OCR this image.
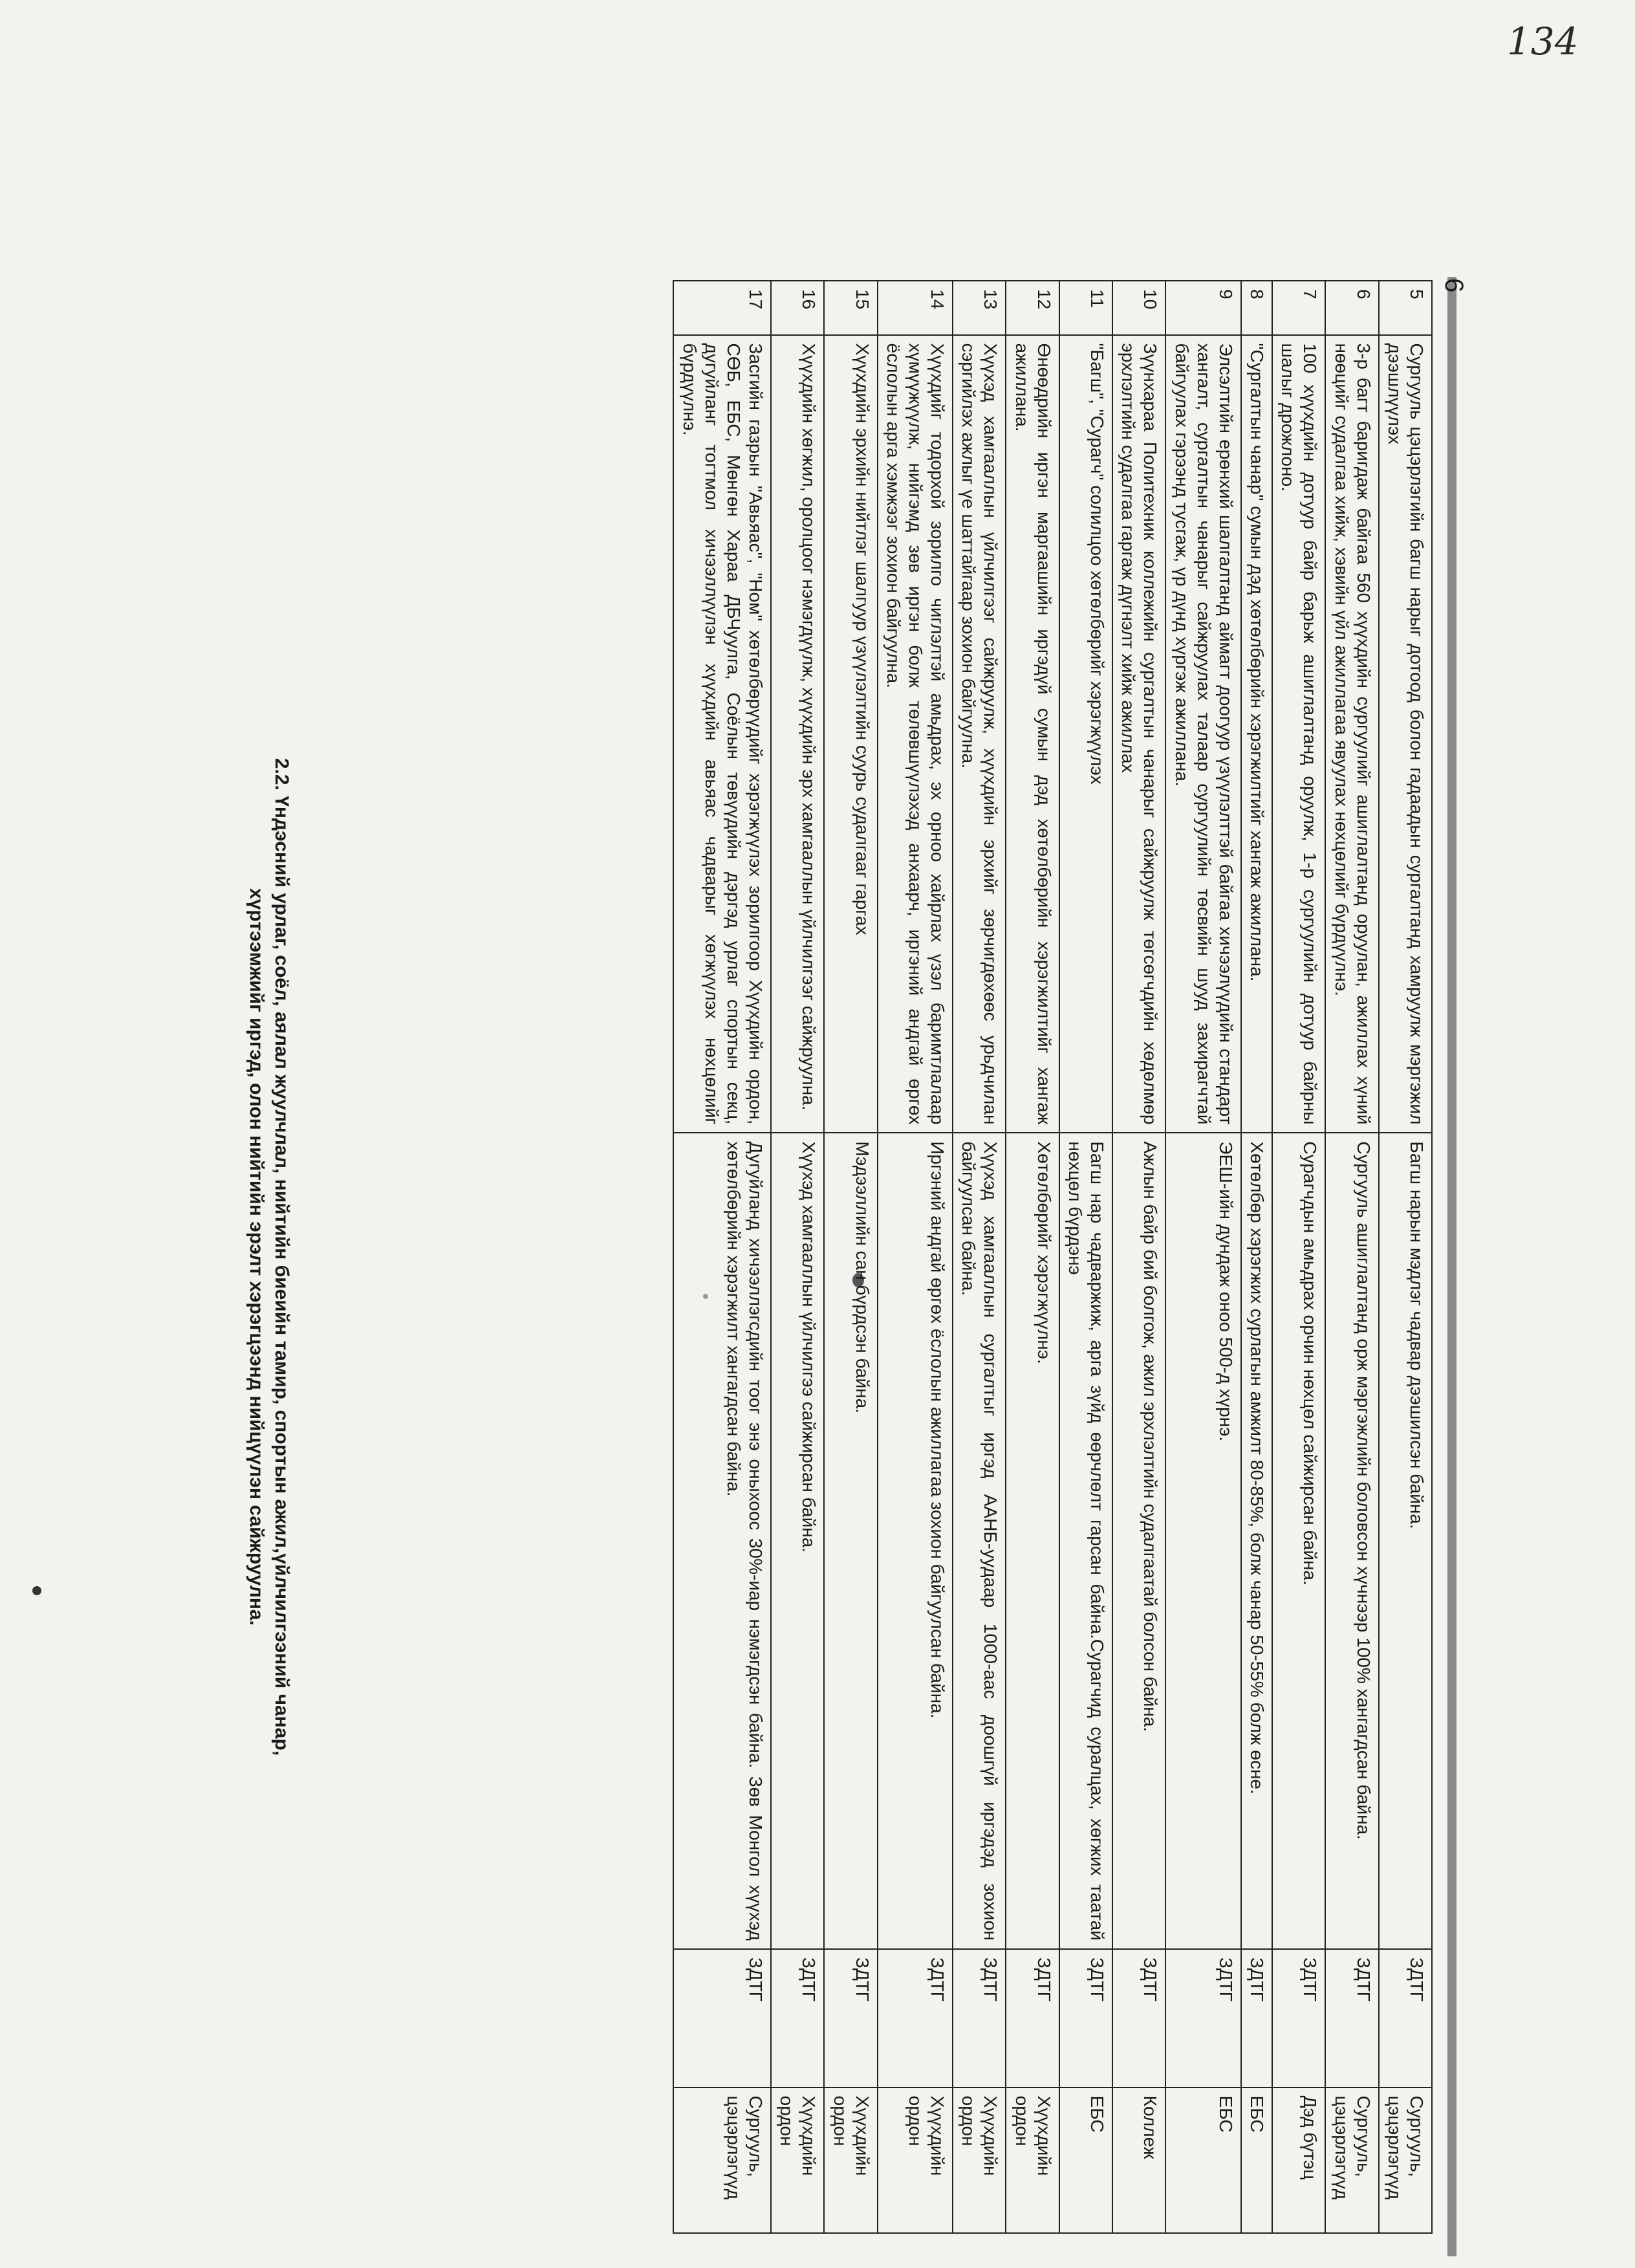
134
6
5	Сургууль цэцэрлэгийн багш нарыг дотоод болон гадаадын сургалтанд хамруулж мэргэжил дээшлүүлэх	Багш нарын мэдлэг чадвар дээшилсэн байна.	ЗДТГ	Сургууль, цэцэрлэгүүд
6	3-р багт баригдаж байгаа 560 хүүхдийн сургуулийг ашиглалтанд оруулан, ажиллах хүний нөөцийг судалгаа хийж, хэвийн үйл ажиллагаа явуулах нөхцөлийг бүрдүүлнэ.	Сургууль ашиглалтанд орж мэргэжлийн боловсон хүчнээр 100% хангагдсан байна.	ЗДТГ	Сургууль, цэцэрлэгүүд
7	100 хүүхдийн дотуур байр барьж ашиглалтанд оруулж, 1-р сургуулийн дотуур байрны шалыг дрожлоно.	Сурагчдын амьдрах орчин нөхцөл сайжирсан байна.	ЗДТГ	Дэд бүтэц
8	"Сургалтын чанар" сумын дэд хөтөлбөрийн хэрэгжилтийг хангаж ажиллана.	Хөтөлбөр хэрэгжих сурлагын амжилт 80-85%, болж чанар 50-55% болж өсне.	ЗДТГ	ЕБС
9	Элсэлтийн ерөнхий шалгалтанд аймагт доогуур үзүүлэлттэй байгаа хичээлүүдийн стандарт хангалт, сургалтын чанарыг сайжруулах талаар сургуулийн төсвийн шууд захирагчтай байгуулах гэрээнд тусгаж, үр дүнд хүргэж ажиллана.	ЭЕШ-ийн дундаж оноо 500-д хүрнэ.	ЗДТГ	ЕБС
10	Зүүнхараа Политехник коллежийн сургалтын чанарыг сайжруулж төгсөгчдийн хөдөлмөр эрхлэлтийн судалгаа гаргаж дүгнэлт хийж ажиллах	Ажлын байр бий болгож, ажил эрхлэлтийн судалгаатай болсон байна.	ЗДТГ	Коллеж
11	"Багш", "Сурагч" солилцоо хөтөлбөрийг хэрэгжүүлэх	Багш нар чадваржиж, арга зүйд өөрчлөлт гарсан байна.Сурагчид суралцах, хөгжих таатай нөхцөл бүрдэнэ	ЗДТГ	ЕБС
12	Өнөөдрийн иргэн маргаашийн иргэдүй сумын дэд хөтөлбөрийн хэрэгжилтийг хангаж ажиллана.	Хөтөлбөрийг хэрэгжүүлнэ.	ЗДТГ	Хүүхдийн ордон
13	Хүүхэд хамгааллын үйлчилгээг сайжруулж, хүүхдийн эрхийг зөрчигдөхөөс урьдчилан сэргийлэх ажлыг үе шаттайгаар зохион байгуулна.	Хүүхэд хамгааллын сургалтыг иргэд ААНБ-уудаар 1000-аас доошгүй иргэдэд зохион байгуулсан байна.	ЗДТГ	Хүүхдийн ордон
14	Хүүхдийг тодорхой зорилго чиглэлтэй амьдрах, эх орноо хайрлах үзэл баримтлалаар хүмүүжүүлж, нийгэмд зөв иргэн болж төлөвшүүлэхэд анхаарч, иргэний андгай өргөх ёслолын арга хэмжээг зохион байгуулна.	Иргэний андгай өргөх ёслолын ажиллагаа зохион байгуулсан байна.	ЗДТГ	Хүүхдийн ордон
15	Хүүхдийн эрхийн нийтлэг шалгуур үзүүлэлтийн суурь судалгааг гаргах	Мэдээллийн сан бүрдсэн байна.	ЗДТГ	Хүүхдийн ордон
16	Хүүхдийн хөгжил, оролцоог нэмэгдүүлж, хүүхдийн эрх хамгааллын үйлчилгээг сайжруулна.	Хүүхэд хамгааллын үйлчилгээ сайжирсан байна.	ЗДТГ	Хүүхдийн ордон
17	Засгийн газрын "Авьяас", "Ном" хөтөлбөрүүдийг хэрэгжүүлэх зорилгоор Хүүхдийн ордон, СӨБ, ЕБС, Мөнгөн Хараа ДБЧуулга, Соёлын төвүүдийн дэргэд урлаг спортын секц, дугуйланг тогтмол хичээллүүлэн хүүхдийн авьяас чадварыг хөгжүүлэх нөхцөлийг бүрдүүлнэ.	Дугуйланд хичээллэгсдийн тоог энэ оныхоос 30%-иар нэмэгдсэн байна. Зөв Монгол хүүхэд хөтөлбөрийн хэрэгжилт хангагдсан байна.	ЗДТГ	Сургууль, цэцэрлэгүүд
2.2. Үндэсний урлаг, соёл, аялал жуулчлал, нийтийн биеийн тамир, спортын ажил,үйлчилгээний чанар,
хүртээмжийг иргэд, олон нийтийн эрэлт хэрэгцээнд нийцүүлэн сайжруулна.
